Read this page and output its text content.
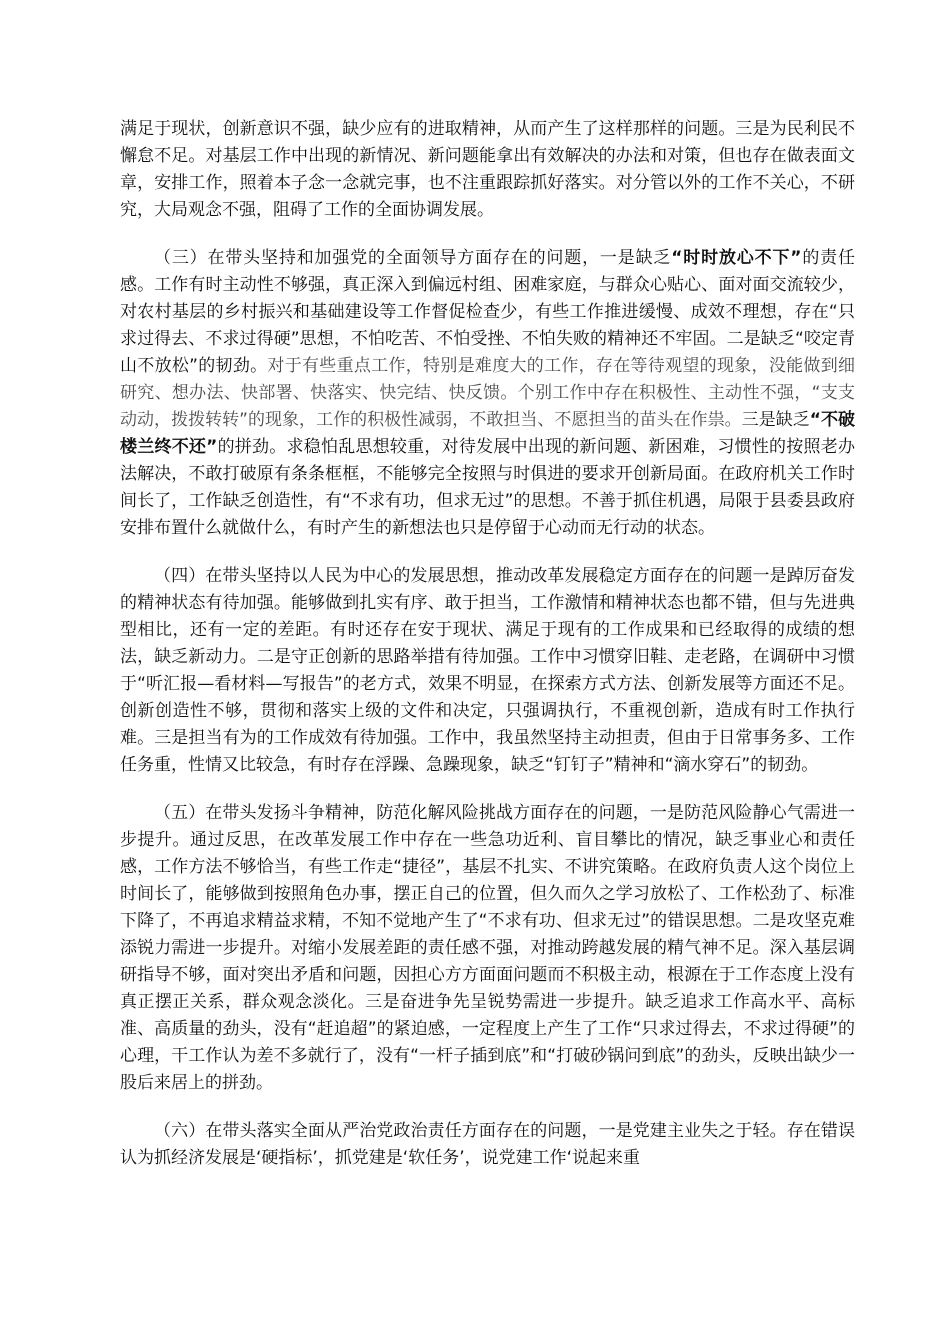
满足于现状，创新意识不强，缺少应有的进取精神，从而产生了这样那样的问题。三是为民利民不懈怠不足。对基层工作中出现的新情况、新问题能拿出有效解决的办法和对策，但也存在做表面文章，安排工作，照着本子念一念就完事，也不注重跟踪抓好落实。对分管以外的工作不关心，不研究，大局观念不强，阻碍了工作的全面协调发展。

（三）在带头坚持和加强党的全面领导方面存在的问题，一是缺乏“时时放心不下”的责任感。工作有时主动性不够强，真正深入到偏远村组、困难家庭，与群众心贴心、面对面交流较少，对农村基层的乡村振兴和基础建设等工作督促检查少，有些工作推进缓慢、成效不理想，存在“只求过得去、不求过得硬”思想，不怕吃苦、不怕受挫、不怕失败的精神还不牢固。二是缺乏“咬定青山不放松”的韧劲。对于有些重点工作，特别是难度大的工作，存在等待观望的现象，没能做到细研究、想办法、快部署、快落实、快完结、快反馈。个别工作中存在积极性、主动性不强，“支支动动，拨拨转转”的现象，工作的积极性减弱，不敢担当、不愿担当的苗头在作祟。三是缺乏“不破楼兰终不还”的拼劲。求稳怕乱思想较重，对待发展中出现的新问题、新困难，习惯性的按照老办法解决，不敢打破原有条条框框，不能够完全按照与时俱进的要求开创新局面。在政府机关工作时间长了，工作缺乏创造性，有“不求有功，但求无过”的思想。不善于抓住机遇，局限于县委县政府安排布置什么就做什么，有时产生的新想法也只是停留于心动而无行动的状态。

（四）在带头坚持以人民为中心的发展思想，推动改革发展稳定方面存在的问题一是踔厉奋发的精神状态有待加强。能够做到扎实有序、敢于担当，工作激情和精神状态也都不错，但与先进典型相比，还有一定的差距。有时还存在安于现状、满足于现有的工作成果和已经取得的成绩的想法，缺乏新动力。二是守正创新的思路举措有待加强。工作中习惯穿旧鞋、走老路，在调研中习惯于“听汇报—看材料—写报告”的老方式，效果不明显，在探索方式方法、创新发展等方面还不足。创新创造性不够，贯彻和落实上级的文件和决定，只强调执行，不重视创新，造成有时工作执行难。三是担当有为的工作成效有待加强。工作中，我虽然坚持主动担责，但由于日常事务多、工作任务重，性情又比较急，有时存在浮躁、急躁现象，缺乏“钉钉子”精神和“滴水穿石”的韧劲。

（五）在带头发扬斗争精神，防范化解风险挑战方面存在的问题，一是防范风险静心气需进一步提升。通过反思，在改革发展工作中存在一些急功近利、盲目攀比的情况，缺乏事业心和责任感，工作方法不够恰当，有些工作走“捷径”，基层不扎实、不讲究策略。在政府负责人这个岗位上时间长了，能够做到按照角色办事，摆正自己的位置，但久而久之学习放松了、工作松劲了、标准下降了，不再追求精益求精，不知不觉地产生了“不求有功、但求无过”的错误思想。二是攻坚克难添锐力需进一步提升。对缩小发展差距的责任感不强，对推动跨越发展的精气神不足。深入基层调研指导不够，面对突出矛盾和问题，因担心方方面面问题而不积极主动，根源在于工作态度上没有真正摆正关系，群众观念淡化。三是奋进争先呈锐势需进一步提升。缺乏追求工作高水平、高标准、高质量的劲头，没有“赶追超”的紧迫感，一定程度上产生了工作“只求过得去，不求过得硬”的心理，干工作认为差不多就行了，没有“一杆子插到底”和“打破砂锅问到底”的劲头，反映出缺少一股后来居上的拼劲。

（六）在带头落实全面从严治党政治责任方面存在的问题，一是党建主业失之于轻。存在错误认为抓经济发展是‘硬指标’，抓党建是‘软任务’，说党建工作‘说起来重
